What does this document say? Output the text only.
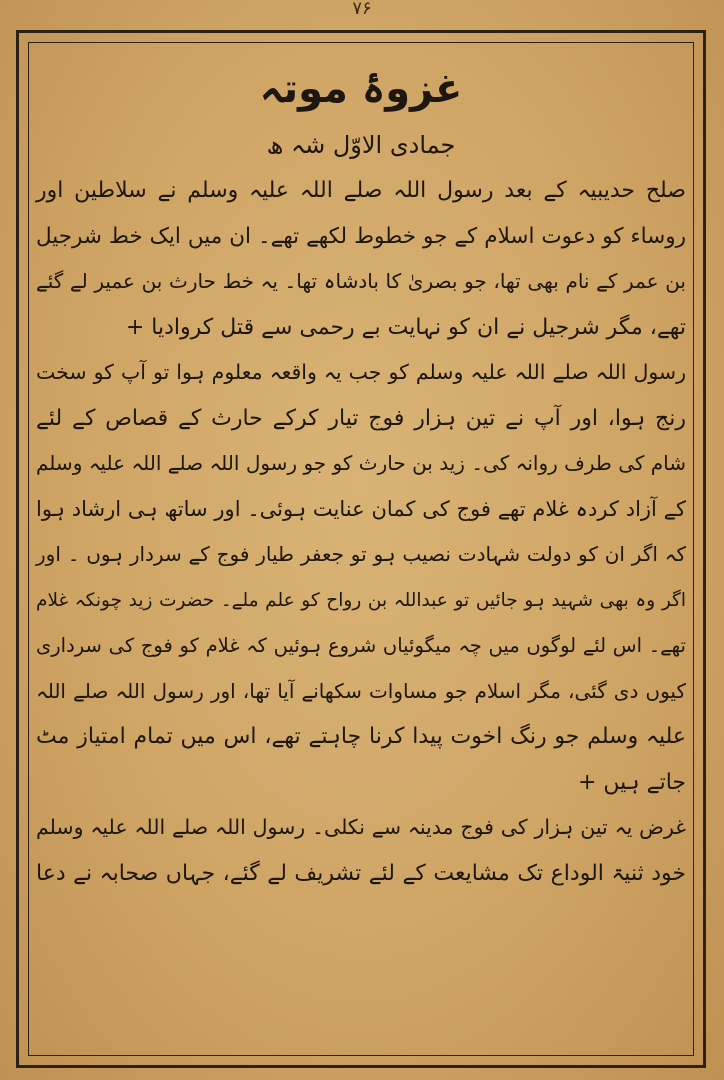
۷۶
غزوۂ موتہ
جمادی الاوّل شہ ھ
صلح حدیبیہ کے بعد رسول اللہ صلے اللہ علیہ وسلم نے سلاطین اور
روساء کو دعوت اسلام کے جو خطوط لکھے تھے۔ ان میں ایک خط شرجیل
بن عمر کے نام بھی تھا، جو بصریٰ کا بادشاہ تھا۔ یہ خط حارث بن عمیر لے گئے
تھے، مگر شرجیل نے ان کو نہایت بے رحمی سے قتل کروادیا +
رسول اللہ صلے اللہ علیہ وسلم کو جب یہ واقعہ معلوم ہوا تو آپ کو سخت
رنج ہوا، اور آپ نے تین ہزار فوج تیار کرکے حارث کے قصاص کے لئے
شام کی طرف روانہ کی۔ زید بن حارث کو جو رسول اللہ صلے اللہ علیہ وسلم
کے آزاد کردہ غلام تھے فوج کی کمان عنایت ہوئی۔ اور ساتھ ہی ارشاد ہوا
کہ اگر ان کو دولت شہادت نصیب ہو تو جعفر طیار فوج کے سردار ہوں ۔ اور
اگر وہ بھی شہید ہو جائیں تو عبداللہ بن رواح کو علم ملے۔ حضرت زید چونکہ غلام
تھے۔ اس لئے لوگوں میں چہ میگوئیاں شروع ہوئیں کہ غلام کو فوج کی سرداری
کیوں دی گئی، مگر اسلام جو مساوات سکھانے آیا تھا، اور رسول اللہ صلے اللہ
علیہ وسلم جو رنگ اخوت پیدا کرنا چاہتے تھے، اس میں تمام امتیاز مٹ
جاتے ہیں +
غرض یہ تین ہزار کی فوج مدینہ سے نکلی۔ رسول اللہ صلے اللہ علیہ وسلم
خود ثنیۃ الوداع تک مشایعت کے لئے تشریف لے گئے، جہاں صحابہ نے دعا
